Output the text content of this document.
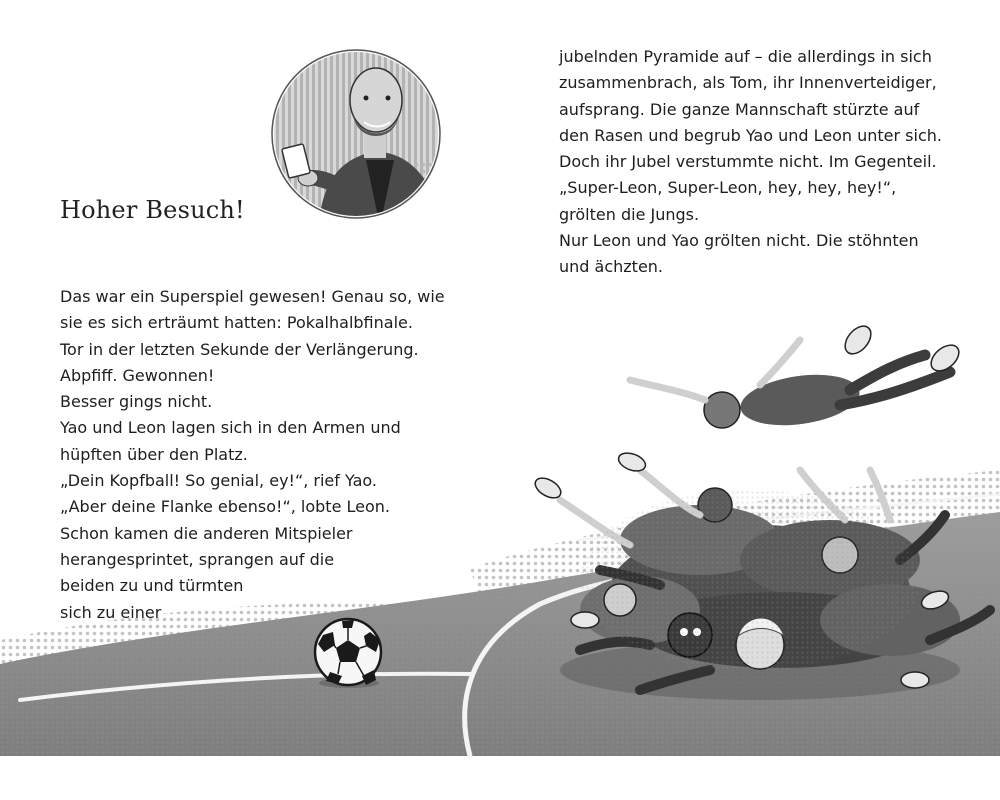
Hoher Besuch!

Das war ein Superspiel gewesen! Genau so, wie

sie es sich erträumt hatten: Pokalhalbfinale.

Tor in der letzten Sekunde der Verlängerung.

Abpfiff. Gewonnen!

Besser gings nicht.

Yao und Leon lagen sich in den Armen und

hüpften über den Platz.

„Dein Kopfball! So genial, ey!“, rief Yao.

„Aber deine Flanke ebenso!“, lobte Leon.

Schon kamen die anderen Mitspieler

herangesprintet, sprangen auf die

beiden zu und türmten

sich zu einer

jubelnden Pyramide auf – die allerdings in sich

zusammenbrach, als Tom, ihr Innenverteidiger,

aufsprang. Die ganze Mannschaft stürzte auf

den Rasen und begrub Yao und Leon unter sich.

Doch ihr Jubel verstummte nicht. Im Gegenteil.

„Super-Leon, Super-Leon, hey, hey, hey!“,

grölten die Jungs.

Nur Leon und Yao grölten nicht. Die stöhnten

und ächzten.
